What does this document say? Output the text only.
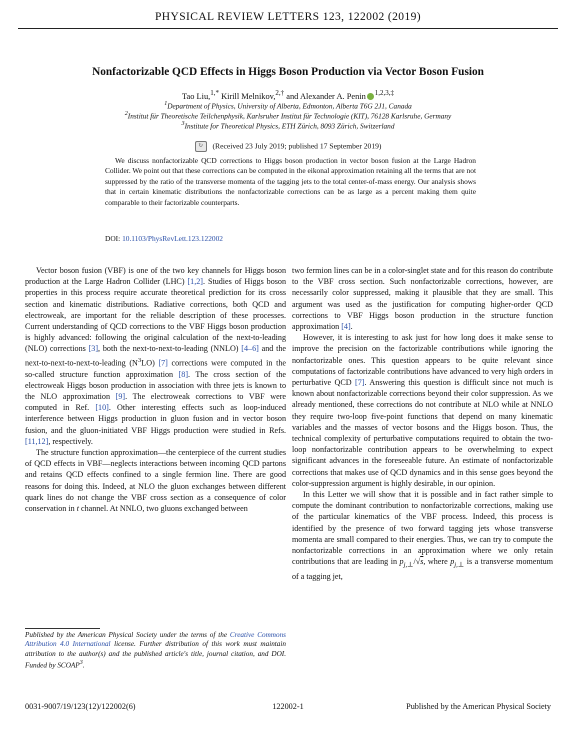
PHYSICAL REVIEW LETTERS 123, 122002 (2019)
Nonfactorizable QCD Effects in Higgs Boson Production via Vector Boson Fusion
Tao Liu,$^{1,*}$ Kirill Melnikov,$^{2,\dagger}$ and Alexander A. Penin $^{1,2,3,\ddagger}$
$^1$Department of Physics, University of Alberta, Edmonton, Alberta T6G 2J1, Canada
$^2$Institut für Theoretische Teilchenphysik, Karlsruher Institut für Technologie (KIT), 76128 Karlsruhe, Germany
$^3$Institute for Theoretical Physics, ETH Zürich, 8093 Zürich, Switzerland
↻ (Received 23 July 2019; published 17 September 2019)
We discuss nonfactorizable QCD corrections to Higgs boson production in vector boson fusion at the Large Hadron Collider. We point out that these corrections can be computed in the eikonal approximation retaining all the terms that are not suppressed by the ratio of the transverse momenta of the tagging jets to the total center-of-mass energy. Our analysis shows that in certain kinematic distributions the nonfactorizable corrections can be as large as a percent making them quite comparable to their factorizable counterparts.
DOI: 10.1103/PhysRevLett.123.122002

Vector boson fusion (VBF) is one of the two key channels for Higgs boson production at the Large Hadron Collider (LHC) [1,2]. Studies of Higgs boson properties in this process require accurate theoretical prediction for its cross section and kinematic distributions. Radiative corrections, both QCD and electroweak, are important for the reliable description of these processes. Current understanding of QCD corrections to the VBF Higgs boson production is highly advanced: following the original calculation of the next-to-leading (NLO) corrections [3], both the next-to-next-to-leading (NNLO) [4–6] and the next-to-next-to-next-to-leading $(N^3LO)$ [7] corrections were computed in the so-called structure function approximation [8]. The cross section of the electroweak Higgs boson production in association with three jets is known to the NLO approximation [9]. The electroweak corrections to VBF were computed in Ref. [10]. Other interesting effects such as loop-induced interference between Higgs production in gluon fusion and in vector boson fusion, and the gluon-initiated VBF Higgs production were studied in Refs. [11,12], respectively.

The structure function approximation—the centerpiece of the current studies of QCD effects in VBF—neglects interactions between incoming QCD partons and retains QCD effects confined to a single fermion line. There are good reasons for doing this. Indeed, at NLO the gluon exchanges between different quark lines do not change the VBF cross section as a consequence of color conservation in t channel. At NNLO, two gluons exchanged between

Published by the American Physical Society under the terms of the Creative Commons Attribution 4.0 International license. Further distribution of this work must maintain attribution to the author(s) and the published article's title, journal citation, and DOI. Funded by SCOAP$^3$.

two fermion lines can be in a color-singlet state and for this reason do contribute to the VBF cross section. Such nonfactorizable corrections, however, are necessarily color suppressed, making it plausible that they are small. This argument was used as the justification for computing higher-order QCD corrections to VBF Higgs boson production in the structure function approximation [4].

However, it is interesting to ask just for how long does it make sense to improve the precision on the factorizable contributions while ignoring the nonfactorizable ones. This question appears to be quite relevant since computations of factorizable contributions have advanced to very high orders in perturbative QCD [7]. Answering this question is difficult since not much is known about nonfactorizable corrections beyond their color suppression. As we already mentioned, these corrections do not contribute at NLO while at NNLO they require two-loop five-point functions that depend on many kinematic variables and the masses of vector bosons and the Higgs boson. Thus, the technical complexity of perturbative computations required to obtain the two-loop nonfactorizable contribution appears to be overwhelming to expect significant advances in the foreseeable future. An estimate of nonfactorizable corrections that makes use of QCD dynamics and in this sense goes beyond the color-suppression argument is highly desirable, in our opinion.

In this Letter we will show that it is possible and in fact rather simple to compute the dominant contribution to nonfactorizable corrections, making use of the particular kinematics of the VBF process. Indeed, this process is identified by the presence of two forward tagging jets whose transverse momenta are small compared to their energies. Thus, we can try to compute the nonfactorizable corrections in an approximation where we only retain contributions that are leading in $p_{j,\perp}/√s$, where $p_{j,\perp}$ is a transverse momentum of a tagging jet,

0031-9007/19/123(12)/122002(6)	122002-1	Published by the American Physical Society
